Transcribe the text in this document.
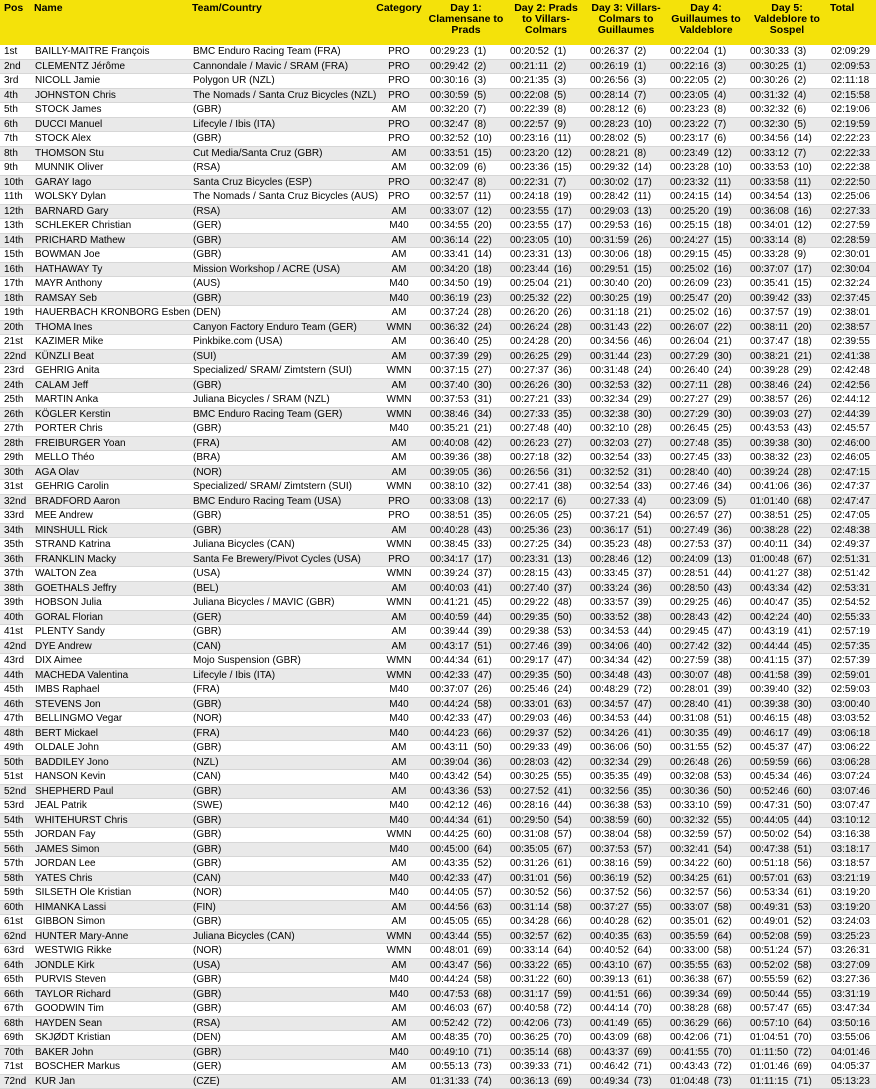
Pos	Name	Team/Country	Category	Day 1: Clamensane to Prads	Day 2: Prads to Villars-Colmars	Day 3: Villars-Colmars to Guillaumes	Day 4: Guillaumes to Valdeblore	Day 5: Valdeblore to Sospel	Total
1st	BAILLY-MAITRE François	BMC Enduro Racing Team (FRA)	PRO	00:29:23 (1)	00:20:52 (1)	00:26:37 (2)	00:22:04 (1)	00:30:33 (3)	02:09:29
2nd	CLEMENTZ Jérôme	Cannondale / Mavic / SRAM (FRA)	PRO	00:29:42 (2)	00:21:11 (2)	00:26:19 (1)	00:22:16 (3)	00:30:25 (1)	02:09:53
3rd	NICOLL Jamie	Polygon UR (NZL)	PRO	00:30:16 (3)	00:21:35 (3)	00:26:56 (3)	00:22:05 (2)	00:30:26 (2)	02:11:18
4th	JOHNSTON Chris	The Nomads / Santa Cruz Bicycles (NZL)	PRO	00:30:59 (5)	00:22:08 (5)	00:28:14 (7)	00:23:05 (4)	00:31:32 (4)	02:15:58
5th	STOCK James	(GBR)	AM	00:32:20 (7)	00:22:39 (8)	00:28:12 (6)	00:23:23 (8)	00:32:32 (6)	02:19:06
6th	DUCCI Manuel	Lifecyle / Ibis (ITA)	PRO	00:32:47 (8)	00:22:57 (9)	00:28:23 (10)	00:23:22 (7)	00:32:30 (5)	02:19:59
7th	STOCK Alex	(GBR)	PRO	00:32:52 (10)	00:23:16 (11)	00:28:02 (5)	00:23:17 (6)	00:34:56 (14)	02:22:23
8th	THOMSON Stu	Cut Media/Santa Cruz (GBR)	AM	00:33:51 (15)	00:23:20 (12)	00:28:21 (8)	00:23:49 (12)	00:33:12 (7)	02:22:33
9th	MUNNIK Oliver	(RSA)	AM	00:32:09 (6)	00:23:36 (15)	00:29:32 (14)	00:23:28 (10)	00:33:53 (10)	02:22:38
10th	GARAY Iago	Santa Cruz Bicycles (ESP)	PRO	00:32:47 (8)	00:22:31 (7)	00:30:02 (17)	00:23:32 (11)	00:33:58 (11)	02:22:50
11th	WOLSKY Dylan	The Nomads / Santa Cruz Bicycles (AUS)	PRO	00:32:57 (11)	00:24:18 (19)	00:28:42 (11)	00:24:15 (14)	00:34:54 (13)	02:25:06
12th	BARNARD Gary	(RSA)	AM	00:33:07 (12)	00:23:55 (17)	00:29:03 (13)	00:25:20 (19)	00:36:08 (16)	02:27:33
13th	SCHLEKER Christian	(GER)	M40	00:34:55 (20)	00:23:55 (17)	00:29:53 (16)	00:25:15 (18)	00:34:01 (12)	02:27:59
14th	PRICHARD Mathew	(GBR)	AM	00:36:14 (22)	00:23:05 (10)	00:31:59 (26)	00:24:27 (15)	00:33:14 (8)	02:28:59
15th	BOWMAN Joe	(GBR)	AM	00:33:41 (14)	00:23:31 (13)	00:30:06 (18)	00:29:15 (45)	00:33:28 (9)	02:30:01
16th	HATHAWAY Ty	Mission Workshop / ACRE (USA)	AM	00:34:20 (18)	00:23:44 (16)	00:29:51 (15)	00:25:02 (16)	00:37:07 (17)	02:30:04
17th	MAYR Anthony	(AUS)	M40	00:34:50 (19)	00:25:04 (21)	00:30:40 (20)	00:26:09 (23)	00:35:41 (15)	02:32:24
18th	RAMSAY Seb	(GBR)	M40	00:36:19 (23)	00:25:32 (22)	00:30:25 (19)	00:25:47 (20)	00:39:42 (33)	02:37:45
19th	HAUERBACH KRONBORG Esben	(DEN)	AM	00:37:24 (28)	00:26:20 (26)	00:31:18 (21)	00:25:02 (16)	00:37:57 (19)	02:38:01
20th	THOMA Ines	Canyon Factory Enduro Team (GER)	WMN	00:36:32 (24)	00:26:24 (28)	00:31:43 (22)	00:26:07 (22)	00:38:11 (20)	02:38:57
21st	KAZIMER Mike	Pinkbike.com (USA)	AM	00:36:40 (25)	00:24:28 (20)	00:34:56 (46)	00:26:04 (21)	00:37:47 (18)	02:39:55
22nd	KÜNZLI Beat	(SUI)	AM	00:37:39 (29)	00:26:25 (29)	00:31:44 (23)	00:27:29 (30)	00:38:21 (21)	02:41:38
23rd	GEHRIG Anita	Specialized/ SRAM/ Zimtstern (SUI)	WMN	00:37:15 (27)	00:27:37 (36)	00:31:48 (24)	00:26:40 (24)	00:39:28 (29)	02:42:48
24th	CALAM Jeff	(GBR)	AM	00:37:40 (30)	00:26:26 (30)	00:32:53 (32)	00:27:11 (28)	00:38:46 (24)	02:42:56
25th	MARTIN Anka	Juliana Bicycles / SRAM (NZL)	WMN	00:37:53 (31)	00:27:21 (33)	00:32:34 (29)	00:27:27 (29)	00:38:57 (26)	02:44:12
26th	KÖGLER Kerstin	BMC Enduro Racing Team (GER)	WMN	00:38:46 (34)	00:27:33 (35)	00:32:38 (30)	00:27:29 (30)	00:39:03 (27)	02:44:39
27th	PORTER Chris	(GBR)	M40	00:35:21 (21)	00:27:48 (40)	00:32:10 (28)	00:26:45 (25)	00:43:53 (43)	02:45:57
28th	FREIBURGER Yoan	(FRA)	AM	00:40:08 (42)	00:26:23 (27)	00:32:03 (27)	00:27:48 (35)	00:39:38 (30)	02:46:00
29th	MELLO Théo	(BRA)	AM	00:39:36 (38)	00:27:18 (32)	00:32:54 (33)	00:27:45 (33)	00:38:32 (23)	02:46:05
30th	AGA Olav	(NOR)	AM	00:39:05 (36)	00:26:56 (31)	00:32:52 (31)	00:28:40 (40)	00:39:24 (28)	02:47:15
31st	GEHRIG Carolin	Specialized/ SRAM/ Zimtstern (SUI)	WMN	00:38:10 (32)	00:27:41 (38)	00:32:54 (33)	00:27:46 (34)	00:41:06 (36)	02:47:37
32nd	BRADFORD Aaron	BMC Enduro Racing Team (USA)	PRO	00:33:08 (13)	00:22:17 (6)	00:27:33 (4)	00:23:09 (5)	01:01:40 (68)	02:47:47
33rd	MEE Andrew	(GBR)	PRO	00:38:51 (35)	00:26:05 (25)	00:37:21 (54)	00:26:57 (27)	00:38:51 (25)	02:47:05
34th	MINSHULL Rick	(GBR)	AM	00:40:28 (43)	00:25:36 (23)	00:36:17 (51)	00:27:49 (36)	00:38:28 (22)	02:48:38
35th	STRAND Katrina	Juliana Bicycles (CAN)	WMN	00:38:45 (33)	00:27:25 (34)	00:35:23 (48)	00:27:53 (37)	00:40:11 (34)	02:49:37
36th	FRANKLIN Macky	Santa Fe Brewery/Pivot Cycles (USA)	PRO	00:34:17 (17)	00:23:31 (13)	00:28:46 (12)	00:24:09 (13)	01:00:48 (67)	02:51:31
37th	WALTON Zea	(USA)	WMN	00:39:24 (37)	00:28:15 (43)	00:33:45 (37)	00:28:51 (44)	00:41:27 (38)	02:51:42
38th	GOETHALS Jeffry	(BEL)	AM	00:40:03 (41)	00:27:40 (37)	00:33:24 (36)	00:28:50 (43)	00:43:34 (42)	02:53:31
39th	HOBSON Julia	Juliana Bicycles / MAVIC (GBR)	WMN	00:41:21 (45)	00:29:22 (48)	00:33:57 (39)	00:29:25 (46)	00:40:47 (35)	02:54:52
40th	GORAL Florian	(GER)	AM	00:40:59 (44)	00:29:35 (50)	00:33:52 (38)	00:28:43 (42)	00:42:24 (40)	02:55:33
41st	PLENTY Sandy	(GBR)	AM	00:39:44 (39)	00:29:38 (53)	00:34:53 (44)	00:29:45 (47)	00:43:19 (41)	02:57:19
42nd	DYE Andrew	(CAN)	AM	00:43:17 (51)	00:27:46 (39)	00:34:06 (40)	00:27:42 (32)	00:44:44 (45)	02:57:35
43rd	DIX Aimee	Mojo Suspension (GBR)	WMN	00:44:34 (61)	00:29:17 (47)	00:34:34 (42)	00:27:59 (38)	00:41:15 (37)	02:57:39
44th	MACHEDA Valentina	Lifecyle / Ibis (ITA)	WMN	00:42:33 (47)	00:29:35 (50)	00:34:48 (43)	00:30:07 (48)	00:41:58 (39)	02:59:01
45th	IMBS Raphael	(FRA)	M40	00:37:07 (26)	00:25:46 (24)	00:48:29 (72)	00:28:01 (39)	00:39:40 (32)	02:59:03
46th	STEVENS Jon	(GBR)	M40	00:44:24 (58)	00:33:01 (63)	00:34:57 (47)	00:28:40 (41)	00:39:38 (30)	03:00:40
47th	BELLINGMO Vegar	(NOR)	M40	00:42:33 (47)	00:29:03 (46)	00:34:53 (44)	00:31:08 (51)	00:46:15 (48)	03:03:52
48th	BERT Mickael	(FRA)	M40	00:44:23 (66)	00:29:37 (52)	00:34:26 (41)	00:30:35 (49)	00:46:17 (49)	03:06:18
49th	OLDALE John	(GBR)	AM	00:43:11 (50)	00:29:33 (49)	00:36:06 (50)	00:31:55 (52)	00:45:37 (47)	03:06:22
50th	BADDILEY Jono	(NZL)	AM	00:39:04 (36)	00:28:03 (42)	00:32:34 (29)	00:26:48 (26)	00:59:59 (66)	03:06:28
51st	HANSON Kevin	(CAN)	M40	00:43:42 (54)	00:30:25 (55)	00:35:35 (49)	00:32:08 (53)	00:45:34 (46)	03:07:24
52nd	SHEPHERD Paul	(GBR)	AM	00:43:36 (53)	00:27:52 (41)	00:32:56 (35)	00:30:36 (50)	00:52:46 (60)	03:07:46
53rd	JEAL Patrik	(SWE)	M40	00:42:12 (46)	00:28:16 (44)	00:36:38 (53)	00:33:10 (59)	00:47:31 (50)	03:07:47
54th	WHITEHURST Chris	(GBR)	M40	00:44:34 (61)	00:29:50 (54)	00:38:59 (60)	00:32:32 (55)	00:44:05 (44)	03:10:12
55th	JORDAN Fay	(GBR)	WMN	00:44:25 (60)	00:31:08 (57)	00:38:04 (58)	00:32:59 (57)	00:50:02 (54)	03:16:38
56th	JAMES Simon	(GBR)	M40	00:45:00 (64)	00:35:05 (67)	00:37:53 (57)	00:32:41 (54)	00:47:38 (51)	03:18:17
57th	JORDAN Lee	(GBR)	AM	00:43:35 (52)	00:31:26 (61)	00:38:16 (59)	00:34:22 (60)	00:51:18 (56)	03:18:57
58th	YATES Chris	(CAN)	M40	00:42:33 (47)	00:31:01 (56)	00:36:19 (52)	00:34:25 (61)	00:57:01 (63)	03:21:19
59th	SILSETH Ole Kristian	(NOR)	M40	00:44:05 (57)	00:30:52 (56)	00:37:52 (56)	00:32:57 (56)	00:53:34 (61)	03:19:20
60th	HIMANKA Lassi	(FIN)	AM	00:44:56 (63)	00:31:14 (58)	00:37:27 (55)	00:33:07 (58)	00:49:31 (53)	03:19:20
61st	GIBBON Simon	(GBR)	AM	00:45:05 (65)	00:34:28 (66)	00:40:28 (62)	00:35:01 (62)	00:49:01 (52)	03:24:03
62nd	HUNTER Mary-Anne	Juliana Bicycles (CAN)	WMN	00:43:44 (55)	00:32:57 (62)	00:40:35 (63)	00:35:59 (64)	00:52:08 (59)	03:25:23
63rd	WESTWIG Rikke	(NOR)	WMN	00:48:01 (69)	00:33:14 (64)	00:40:52 (64)	00:33:00 (58)	00:51:24 (57)	03:26:31
64th	JONDLE Kirk	(USA)	AM	00:43:47 (56)	00:33:22 (65)	00:43:10 (67)	00:35:55 (63)	00:52:02 (58)	03:27:09
65th	PURVIS Steven	(GBR)	M40	00:44:24 (58)	00:31:22 (60)	00:39:13 (61)	00:36:38 (67)	00:55:59 (62)	03:27:36
66th	TAYLOR Richard	(GBR)	M40	00:47:53 (68)	00:31:17 (59)	00:41:51 (66)	00:39:34 (69)	00:50:44 (55)	03:31:19
67th	GOODWIN Tim	(GBR)	AM	00:46:03 (67)	00:40:58 (72)	00:44:14 (70)	00:38:28 (68)	00:57:47 (65)	03:47:34
68th	HAYDEN Sean	(RSA)	AM	00:52:42 (72)	00:42:06 (73)	00:41:49 (65)	00:36:29 (66)	00:57:10 (64)	03:50:16
69th	SKJØDT Kristian	(DEN)	AM	00:48:35 (70)	00:36:25 (70)	00:43:09 (68)	00:42:06 (71)	01:04:51 (70)	03:55:06
70th	BAKER John	(GBR)	M40	00:49:10 (71)	00:35:14 (68)	00:43:37 (69)	00:41:55 (70)	01:11:50 (72)	04:01:46
71st	BOSCHER Markus	(GER)	AM	00:55:13 (73)	00:39:33 (71)	00:46:42 (71)	00:43:43 (72)	01:01:46 (69)	04:05:37
72nd	KUR Jan	(CZE)	AM	01:31:33 (74)	00:36:13 (69)	00:49:34 (73)	01:04:48 (73)	01:11:15 (71)	05:13:23
